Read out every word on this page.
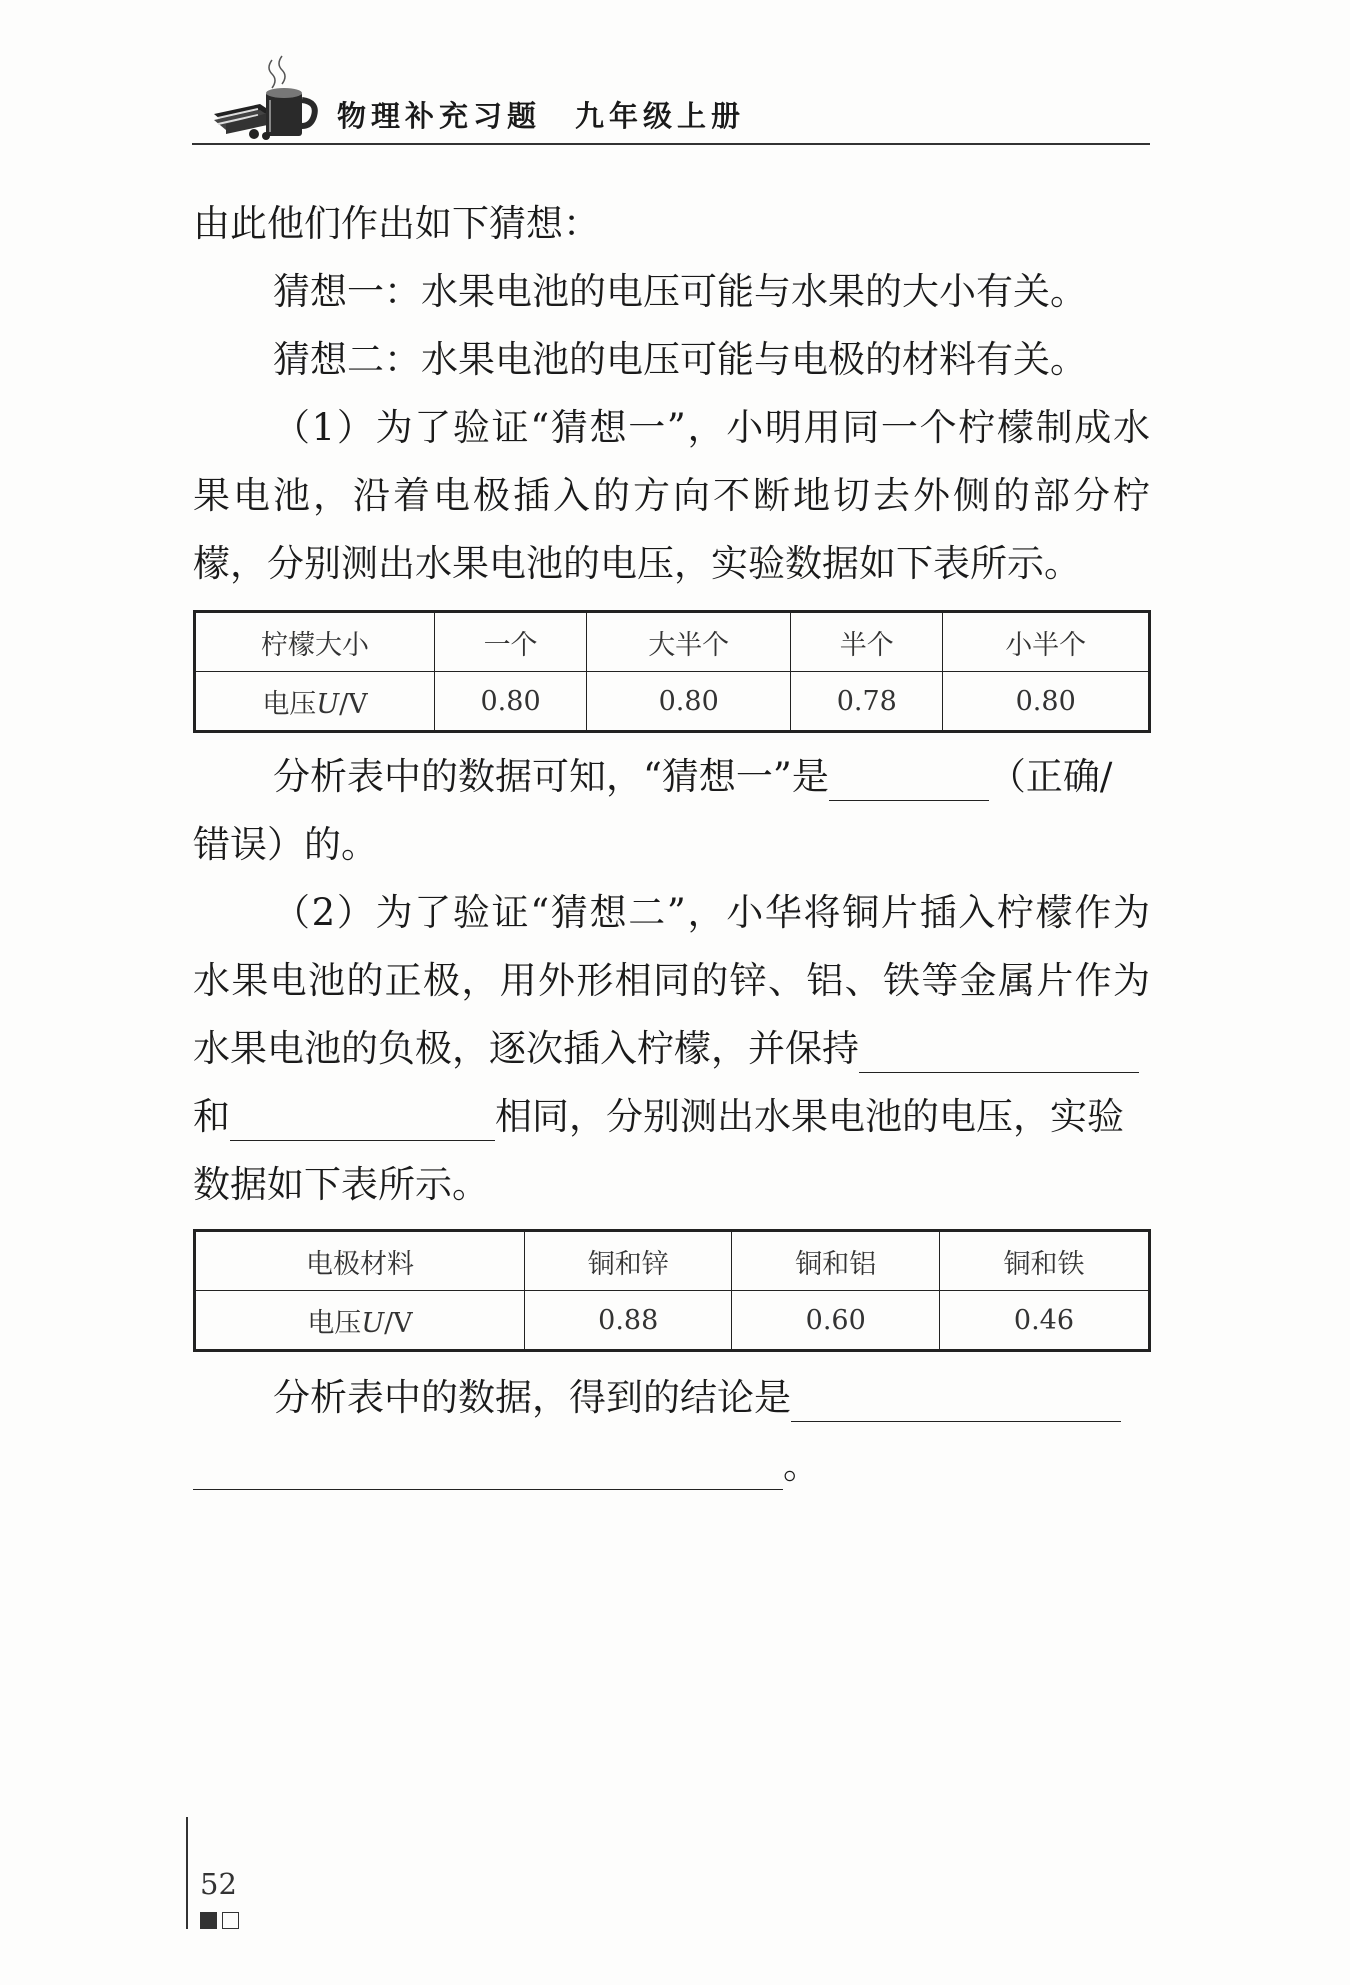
物理补充习题 九年级上册
由此他们作出如下猜想：
猜想一：水果电池的电压可能与水果的大小有关。
猜想二：水果电池的电压可能与电极的材料有关。
（1）为了验证“猜想一”，小明用同一个柠檬制成水
果电池，沿着电极插入的方向不断地切去外侧的部分柠
檬，分别测出水果电池的电压，实验数据如下表所示。
柠檬大小	一个	大半个	半个	小半个
电压U/V	0.80	0.80	0.78	0.80
分析表中的数据可知，“猜想一”是	（正确/
错误）的。
（2）为了验证“猜想二”，小华将铜片插入柠檬作为
水果电池的正极，用外形相同的锌、铝、铁等金属片作为
水果电池的负极，逐次插入柠檬，并保持
和	相同，分别测出水果电池的电压，实验
数据如下表所示。
电极材料	铜和锌	铜和铝	铜和铁
电压U/V	0.88	0.60	0.46
分析表中的数据，得到的结论是
。
52
